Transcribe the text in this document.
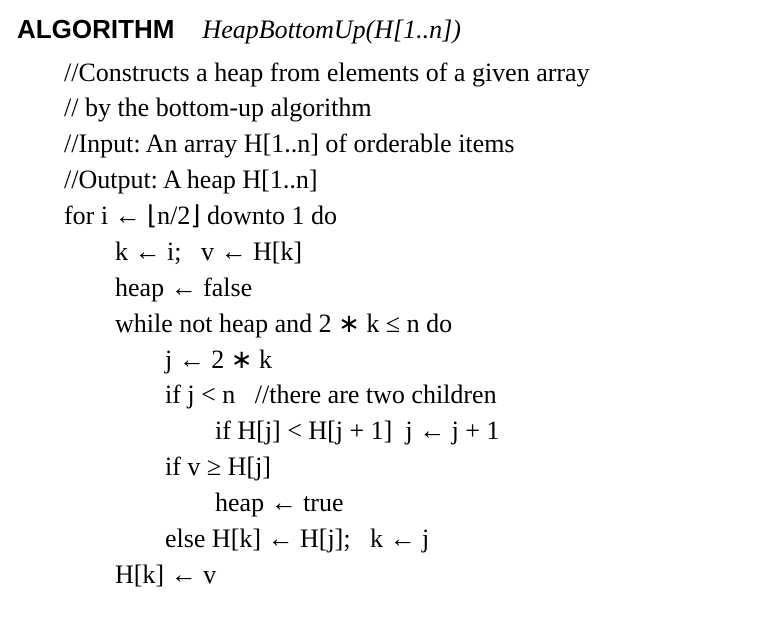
ALGORITHM HeapBottomUp(H[1..n])
//Constructs a heap from elements of a given array
// by the bottom-up algorithm
//Input: An array H[1..n] of orderable items
//Output: A heap H[1..n]
for i ← ⌊n/2⌋ downto 1 do
k ← i;   v ← H[k]
heap ← false
while not heap and 2 ∗ k ≤ n do
j ← 2 ∗ k
if j < n   //there are two children
if H[j] < H[j + 1]  j ← j + 1
if v ≥ H[j]
heap ← true
else H[k] ← H[j];   k ← j
H[k] ← v
